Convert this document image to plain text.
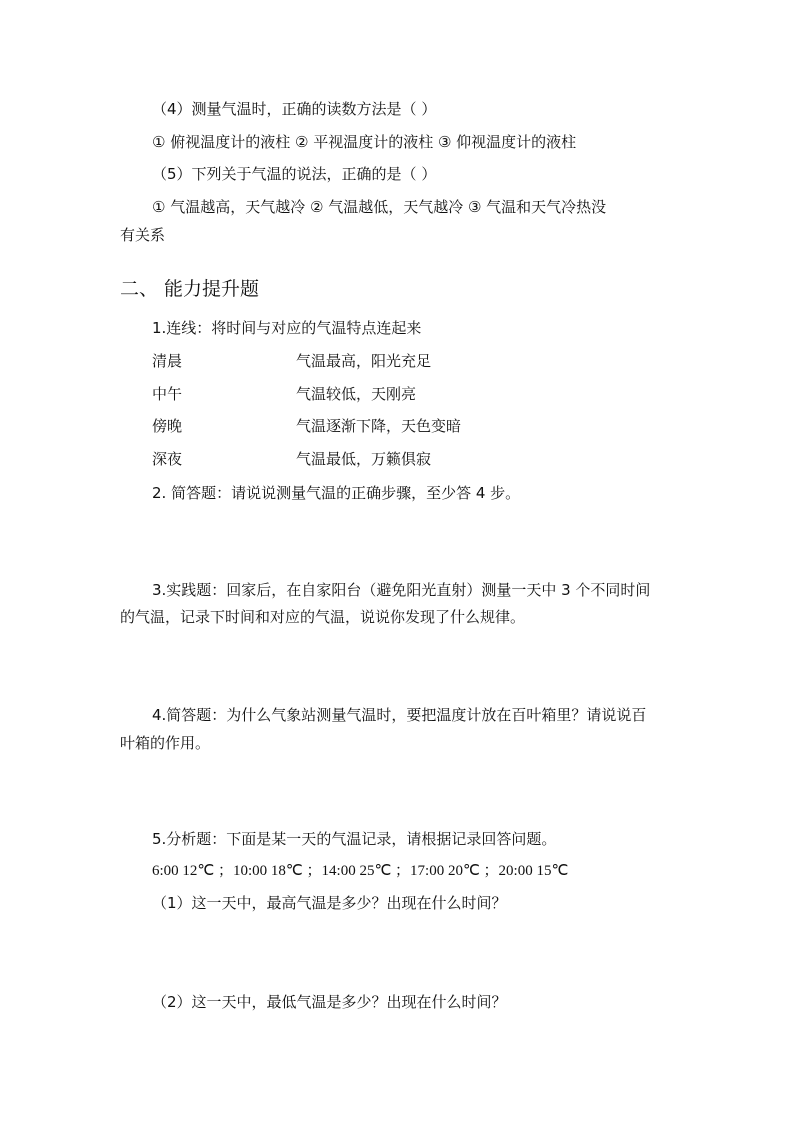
（4）测量气温时，正确的读数方法是（ ）
① 俯视温度计的液柱 ② 平视温度计的液柱 ③ 仰视温度计的液柱
（5）下列关于气温的说法，正确的是（ ）
① 气温越高，天气越冷 ② 气温越低，天气越冷 ③ 气温和天气冷热没
有关系
二、 能力提升题
1.连线：将时间与对应的气温特点连起来
清晨	气温最高，阳光充足
中午	气温较低，天刚亮
傍晚	气温逐渐下降，天色变暗
深夜	气温最低，万籁俱寂
2. 简答题：请说说测量气温的正确步骤，至少答 4 步。
3.实践题：回家后，在自家阳台（避免阳光直射）测量一天中 3 个不同时间
的气温，记录下时间和对应的气温，说说你发现了什么规律。
4.简答题：为什么气象站测量气温时，要把温度计放在百叶箱里？请说说百
叶箱的作用。
5.分析题：下面是某一天的气温记录，请根据记录回答问题。
6:00 12℃ ；10:00 18℃ ；14:00 25℃ ；17:00 20℃ ；20:00 15℃
（1）这一天中，最高气温是多少？出现在什么时间？
（2）这一天中，最低气温是多少？出现在什么时间？
